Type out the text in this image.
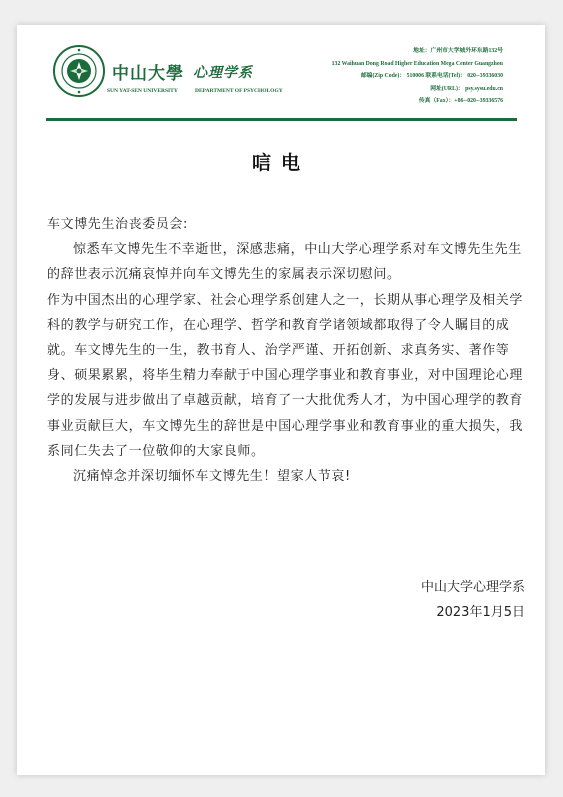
中山大學 心理学系
SUN YAT-SEN UNIVERSITY	DEPARTMENT OF PSYCHOLOGY
地址：广州市大学城外环东路132号
132 Waihuan Dong Road Higher Education Mega Center Guangzhou
邮编(Zip Code)： 510006 联系电话(Tel)： 020--39336030
网址(URL)： psy.sysu.edu.cn
传真（Fax）：+86--020--39336576
唁电

车文博先生治丧委员会:

惊悉车文博先生不幸逝世，深感悲痛，中山大学心理学系对车文博先生先生的辞世表示沉痛哀悼并向车文博先生的家属表示深切慰问。

作为中国杰出的心理学家、社会心理学系创建人之一，长期从事心理学及相关学科的教学与研究工作，在心理学、哲学和教育学诸领域都取得了令人瞩目的成就。车文博先生的一生，教书育人、治学严谨、开拓创新、求真务实、著作等身、硕果累累，将毕生精力奉献于中国心理学事业和教育事业，对中国理论心理学的发展与进步做出了卓越贡献，培育了一大批优秀人才，为中国心理学的教育事业贡献巨大，车文博先生的辞世是中国心理学事业和教育事业的重大损失，我系同仁失去了一位敬仰的大家良师。

沉痛悼念并深切缅怀车文博先生！望家人节哀!

中山大学心理学系
2023年1月5日
